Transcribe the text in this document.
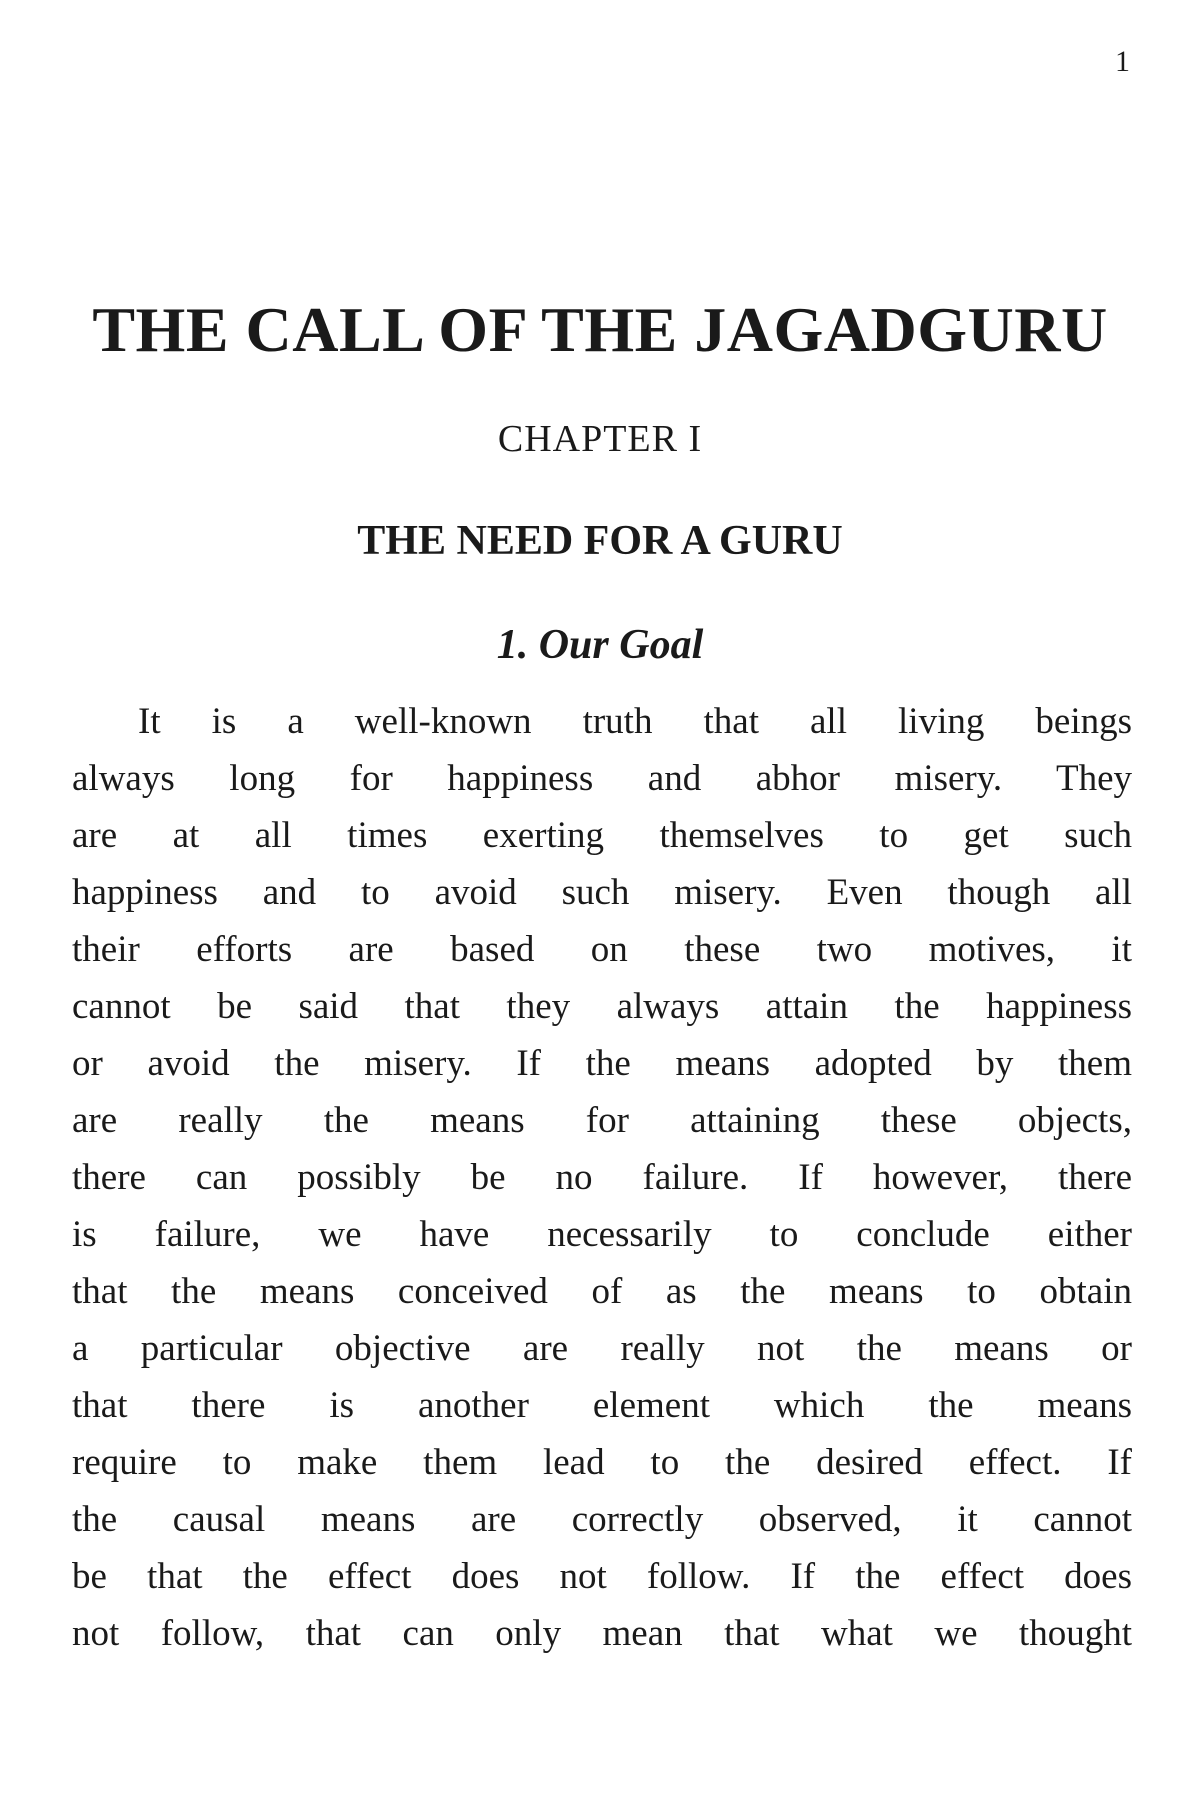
1
THE CALL OF THE JAGADGURU
CHAPTER I
THE NEED FOR A GURU
1. Our Goal

It is a well-known truth that all living beings
always long for happiness and abhor misery. They
are at all times exerting themselves to get such
happiness and to avoid such misery. Even though all
their efforts are based on these two motives, it
cannot be said that they always attain the happiness
or avoid the misery. If the means adopted by them
are really the means for attaining these objects,
there can possibly be no failure. If however, there
is failure, we have necessarily to conclude either
that the means conceived of as the means to obtain
a particular objective are really not the means or
that there is another element which the means
require to make them lead to the desired effect. If
the causal means are correctly observed, it cannot
be that the effect does not follow. If the effect does
not follow, that can only mean that what we thought
